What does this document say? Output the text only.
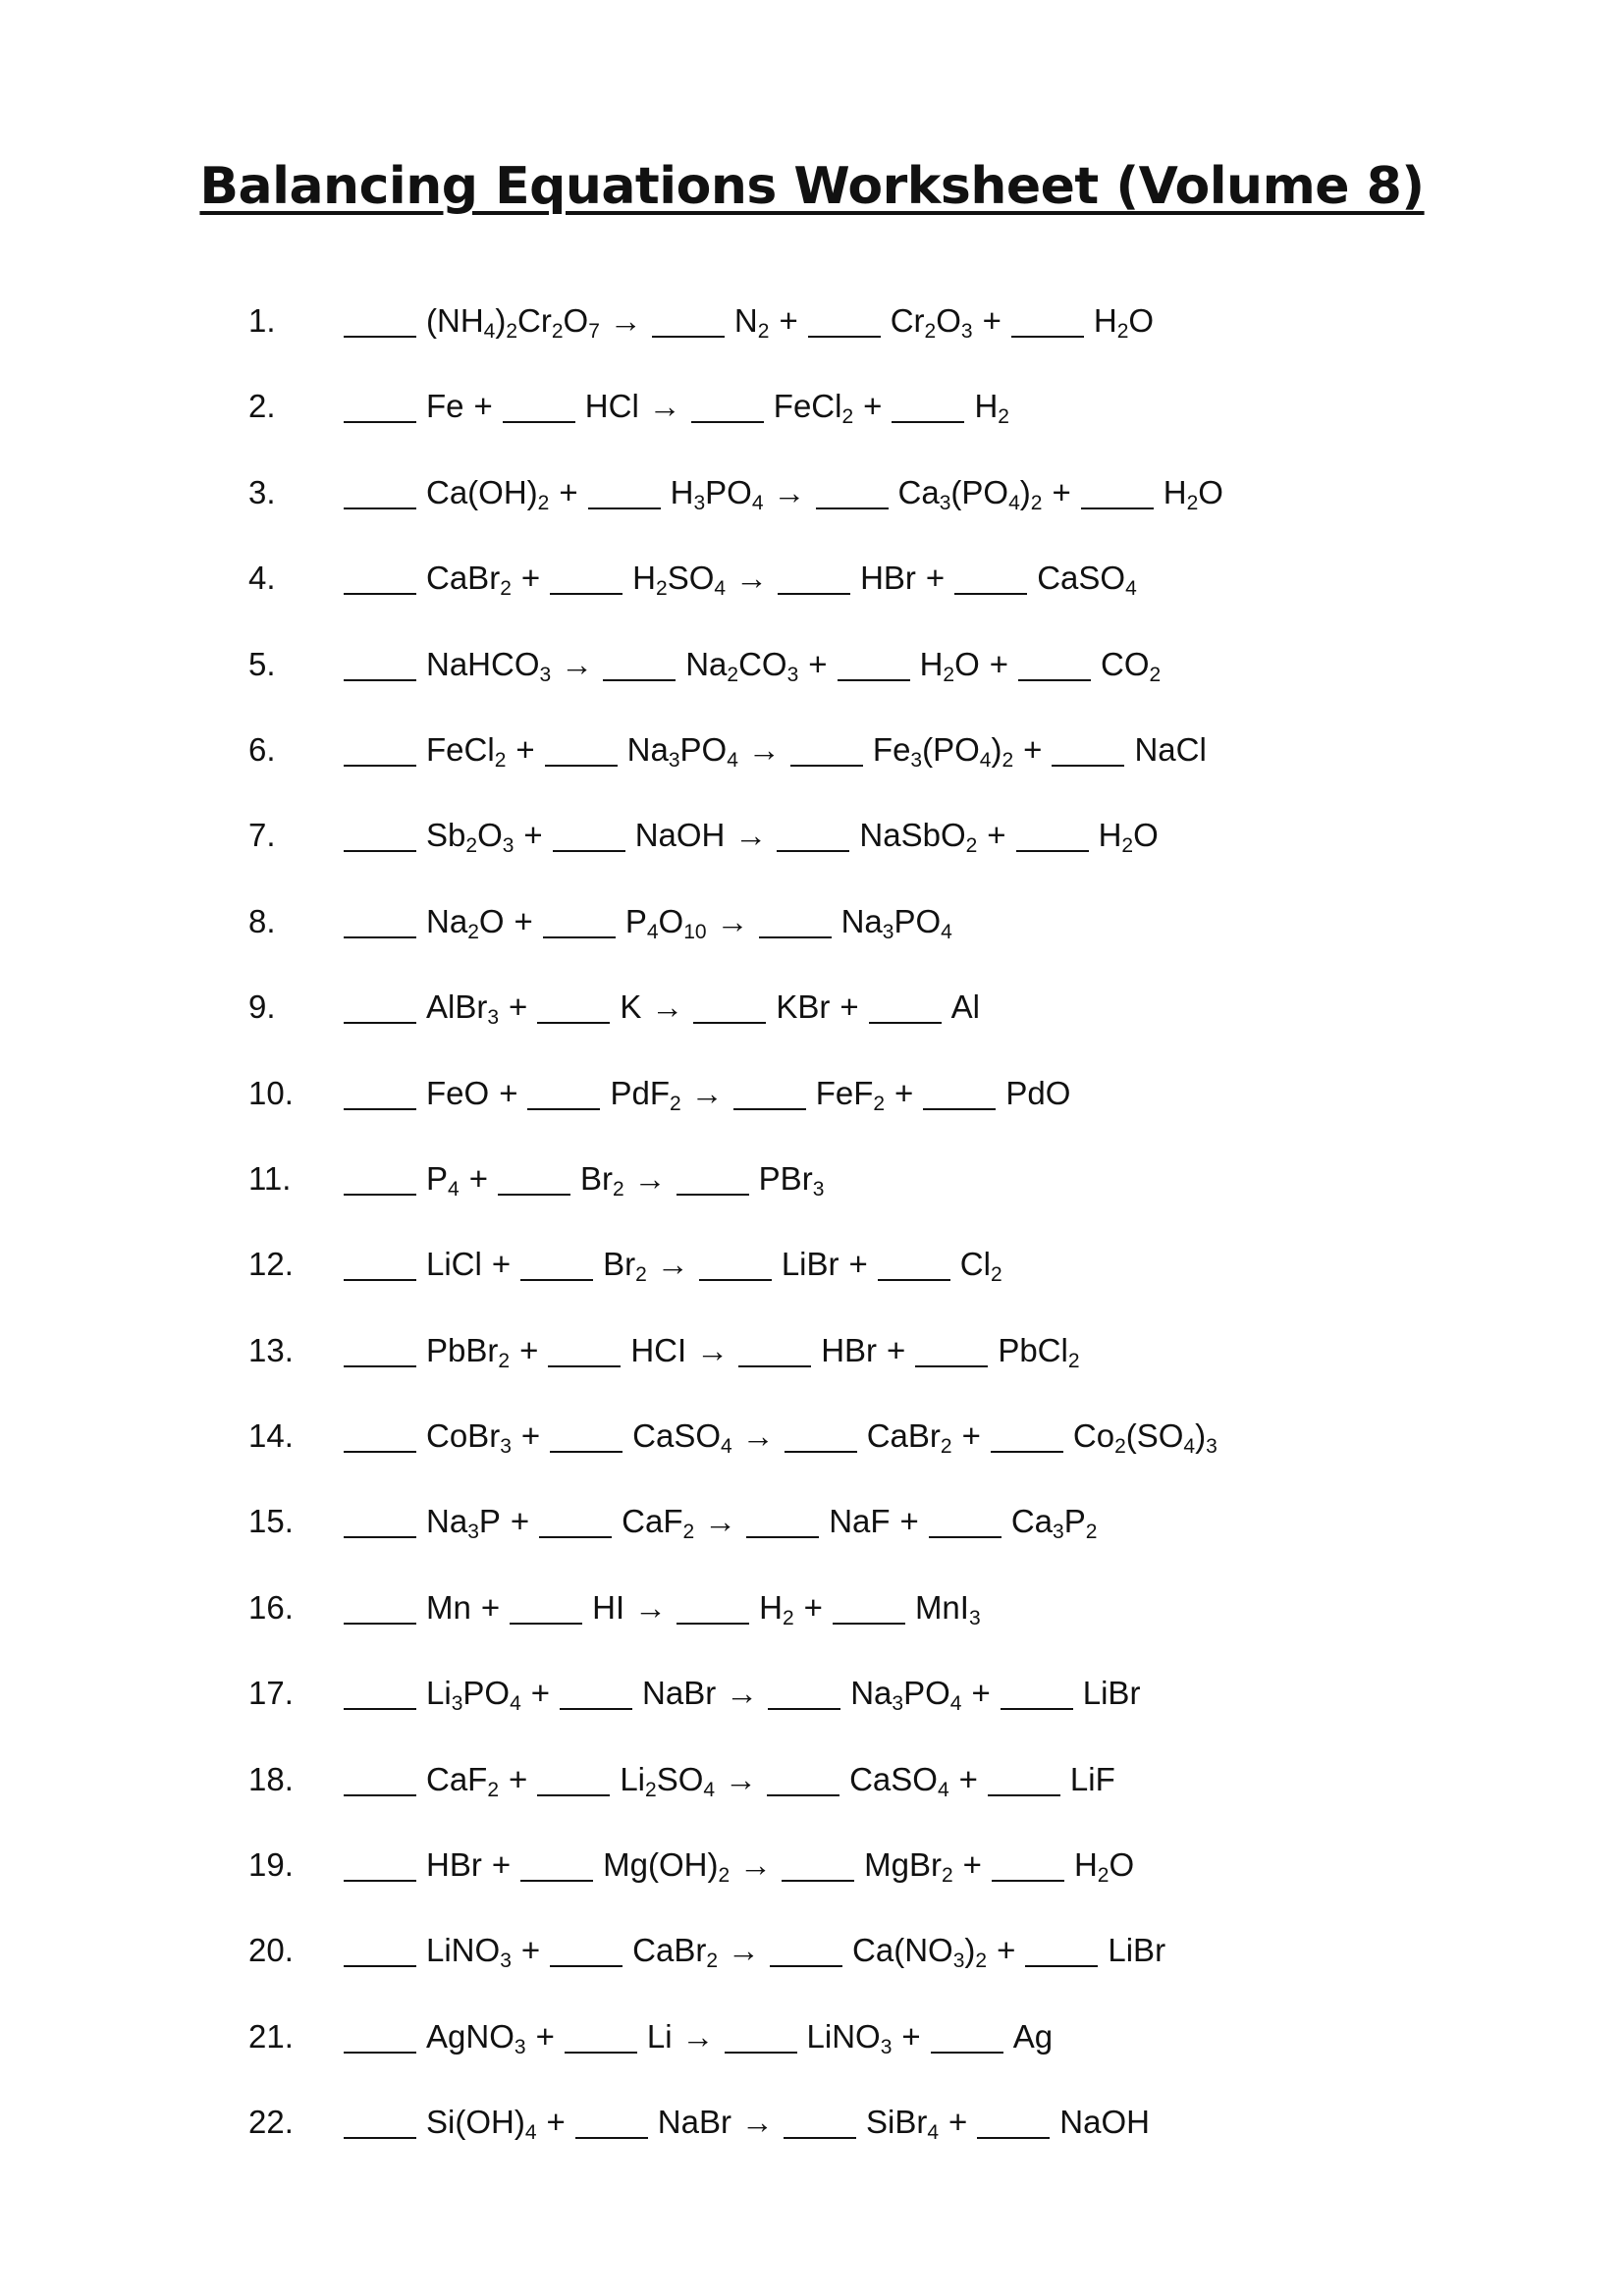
Balancing Equations Worksheet (Volume 8)
1.	$(NH_4)_2Cr_2O_7$ →	$N_2$ +	$Cr_2O_3$ +	$H_2O$
2.	Fe +	HCl →	FeCl$_2$ +	$H_2$
3.	$Ca(OH)_2$ +	$H_3PO_4$ →	$Ca_3(PO_4)_2$ +	$H_2O$
4.	CaBr$_2$ +	$H_2SO_4$ →	HBr +	CaSO$_4$
5.	NaHCO$_3$ →	$Na_2CO_3$ +	$H_2O$ +	$CO_2$
6.	FeCl$_2$ +	$Na_3PO_4$ →	$Fe_3(PO_4)_2$ +	NaCl
7.	$Sb_2O_3$ +	NaOH →	NaSbO$_2$ +	$H_2O$
8.	$Na_2O$ +	$P_4O_{10}$ →	$Na_3PO_4$
9.	AlBr$_3$ +	K →	KBr +	Al
10.	FeO +	PdF$_2$ →	FeF$_2$ +	PdO
11.	$P_4$ +	$Br_2$ →	PBr$_3$
12.	LiCl +	$Br_2$ →	LiBr +	$Cl_2$
13.	PbBr$_2$ +	HCI →	HBr +	PbCl$_2$
14.	CoBr$_3$ +	CaSO$_4$ →	CaBr$_2$ +	$Co_2(SO_4)_3$
15.	$Na_3P$ +	CaF$_2$ →	NaF +	$Ca_3P_2$
16.	Mn +	HI →	$H_2$ +	MnI$_3$
17.	$Li_3PO_4$ +	NaBr →	$Na_3PO_4$ +	LiBr
18.	CaF$_2$ +	$Li_2SO_4$ →	CaSO$_4$ +	LiF
19.	HBr +	$Mg(OH)_2$ →	MgBr$_2$ +	$H_2O$
20.	LiNO$_3$ +	CaBr$_2$ →	$Ca(NO_3)_2$ +	LiBr
21.	AgNO$_3$ +	Li →	LiNO$_3$ +	Ag
22.	$Si(OH)_4$ +	NaBr →	SiBr$_4$ +	NaOH
